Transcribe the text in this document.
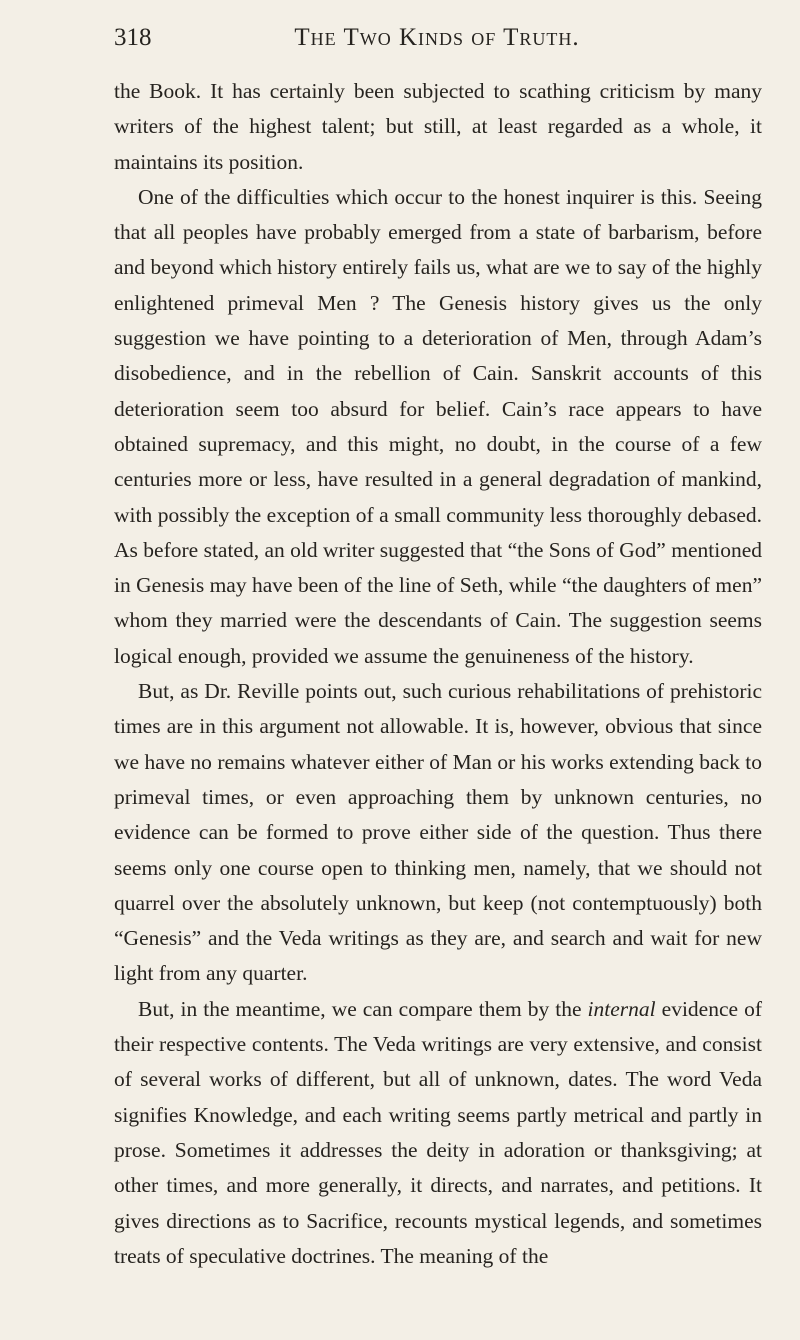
318	The Two Kinds of Truth.

the Book. It has certainly been subjected to scathing criticism by many writers of the highest talent; but still, at least regarded as a whole, it maintains its position.

One of the difficulties which occur to the honest inquirer is this. Seeing that all peoples have probably emerged from a state of barbarism, before and beyond which history entirely fails us, what are we to say of the highly enlightened primeval Men ? The Genesis history gives us the only suggestion we have pointing to a deterioration of Men, through Adam’s disobedience, and in the rebellion of Cain. Sanskrit accounts of this deterioration seem too absurd for belief. Cain’s race appears to have obtained supremacy, and this might, no doubt, in the course of a few centuries more or less, have resulted in a general degradation of mankind, with possibly the exception of a small community less thoroughly debased. As before stated, an old writer suggested that “the Sons of God” mentioned in Genesis may have been of the line of Seth, while “the daughters of men” whom they married were the descendants of Cain. The suggestion seems logical enough, provided we assume the genuineness of the history.

But, as Dr. Reville points out, such curious rehabilitations of prehistoric times are in this argument not allowable. It is, however, obvious that since we have no remains whatever either of Man or his works extending back to primeval times, or even approaching them by unknown centuries, no evidence can be formed to prove either side of the question. Thus there seems only one course open to thinking men, namely, that we should not quarrel over the absolutely unknown, but keep (not contemptuously) both “Genesis” and the Veda writings as they are, and search and wait for new light from any quarter.

But, in the meantime, we can compare them by the internal evidence of their respective contents. The Veda writings are very extensive, and consist of several works of different, but all of unknown, dates. The word Veda signifies Knowledge, and each writing seems partly metrical and partly in prose. Sometimes it addresses the deity in adoration or thanksgiving; at other times, and more generally, it directs, and narrates, and petitions. It gives directions as to Sacrifice, recounts mystical legends, and sometimes treats of speculative doctrines. The meaning of the
